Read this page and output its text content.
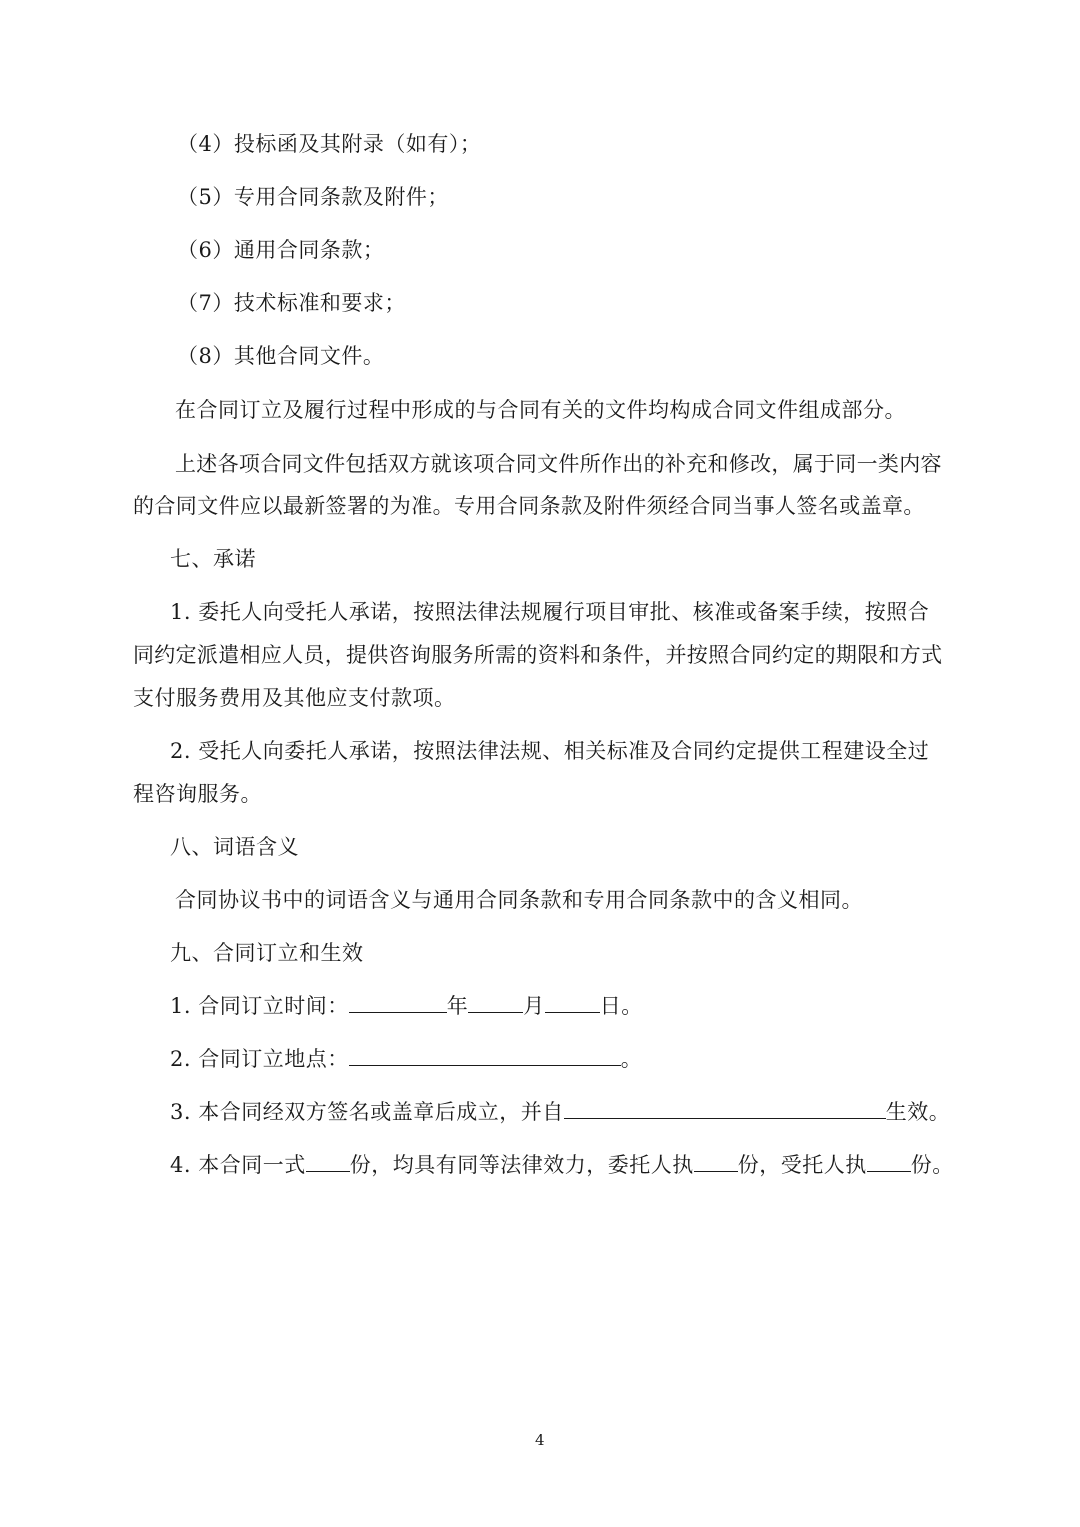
（4）投标函及其附录（如有）；
（5）专用合同条款及附件；
（6）通用合同条款；
（7）技术标准和要求；
（8）其他合同文件。
在合同订立及履行过程中形成的与合同有关的文件均构成合同文件组成部分。
上述各项合同文件包括双方就该项合同文件所作出的补充和修改，属于同一类内容
的合同文件应以最新签署的为准。专用合同条款及附件须经合同当事人签名或盖章。
七、承诺
1. 委托人向受托人承诺，按照法律法规履行项目审批、核准或备案手续，按照合
同约定派遣相应人员，提供咨询服务所需的资料和条件，并按照合同约定的期限和方式
支付服务费用及其他应支付款项。
2. 受托人向委托人承诺，按照法律法规、相关标准及合同约定提供工程建设全过
程咨询服务。
八、词语含义
合同协议书中的词语含义与通用合同条款和专用合同条款中的含义相同。
九、合同订立和生效
1. 合同订立时间：	年	月	日。
2. 合同订立地点：	。
3. 本合同经双方签名或盖章后成立，并自	生效。
4. 本合同一式 份，均具有同等法律效力，委托人执 份，受托人执 份。
4
